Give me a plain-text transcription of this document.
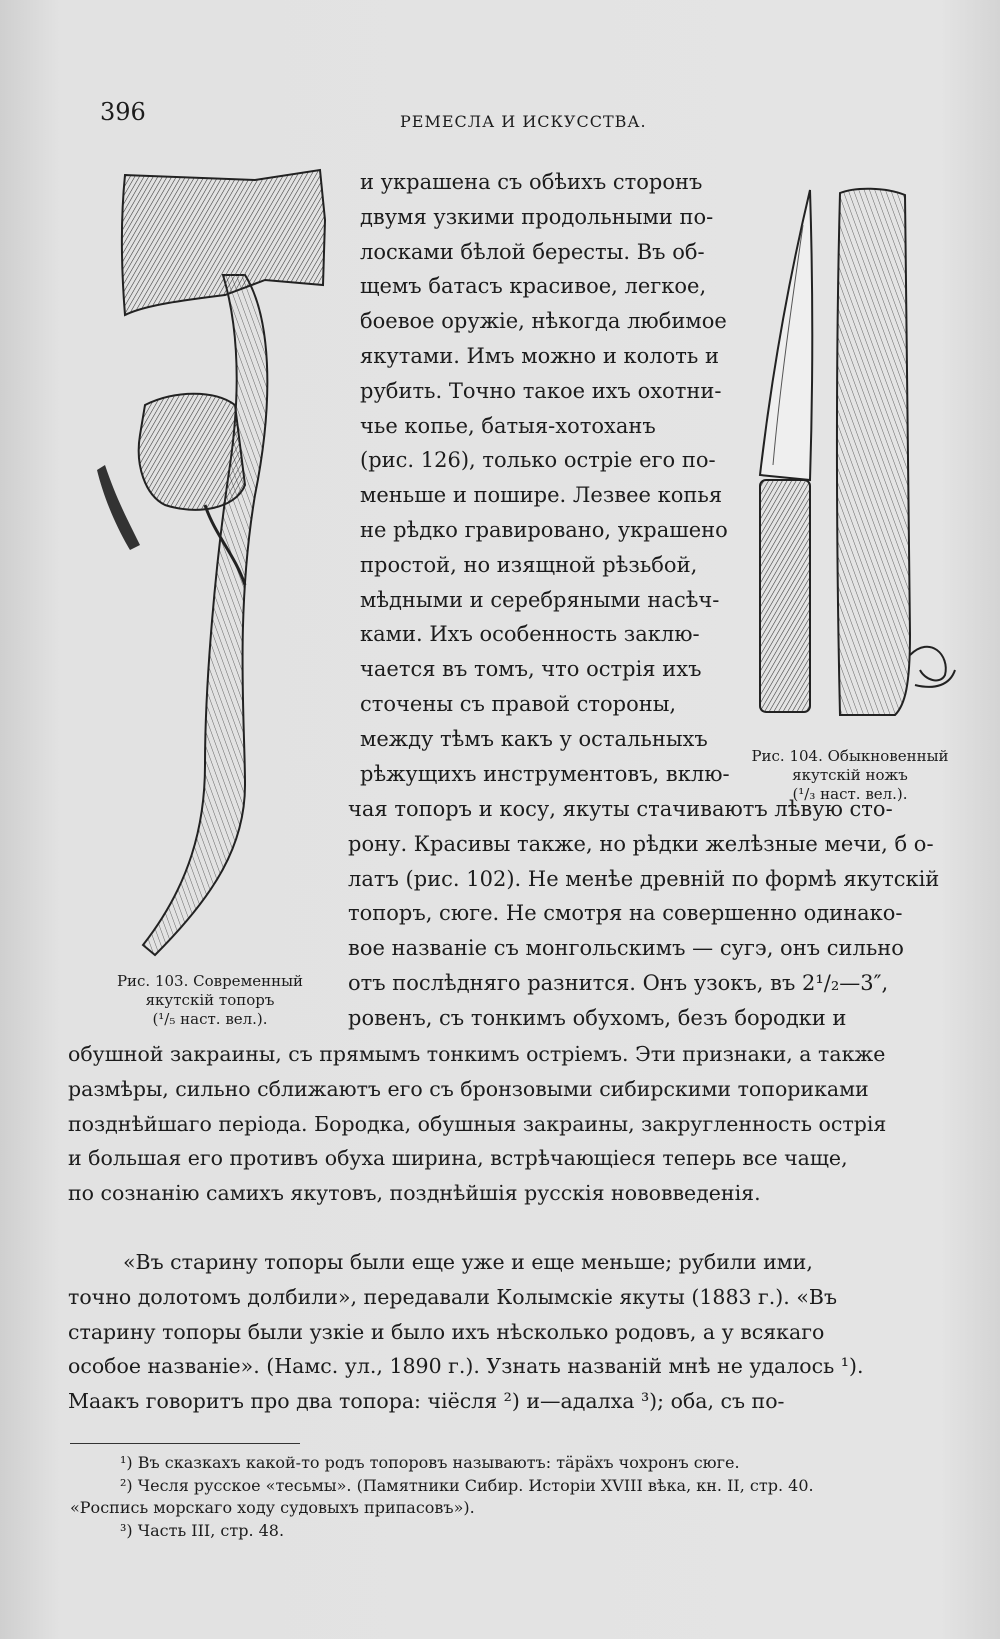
396	РЕМЕСЛА И ИСКУССТВА.
Рис. 103. Современный
якутскій топоръ
(¹/₅ наст. вел.).
Рис. 104. Обыкновенный
якутскій ножъ
(¹/₃ наст. вел.).
и украшена съ обѣихъ сторонъ
двумя узкими продольными по-
лосками бѣлой бересты. Въ об-
щемъ батасъ красивое, легкое,
боевое оружіе, нѣкогда любимое
якутами. Имъ можно и колоть и
рубить. Точно такое ихъ охотни-
чье копье, батыя-хотоханъ
(рис. 126), только остріе его по-
меньше и пошире. Лезвее копья
не рѣдко гравировано, украшено
простой, но изящной рѣзьбой,
мѣдными и серебряными насѣч-
ками. Ихъ особенность заклю-
чается въ томъ, что острія ихъ
сточены съ правой стороны,
между тѣмъ какъ у остальныхъ
рѣжущихъ инструментовъ, вклю-
чая топоръ и косу, якуты стачиваютъ лѣвую сто-
рону. Красивы также, но рѣдки желѣзные мечи, б о-
латъ (рис. 102). Не менѣе древній по формѣ якутскій
топоръ, сюге. Не смотря на совершенно одинако-
вое названіе съ монгольскимъ — сугэ, онъ сильно
отъ послѣдняго разнится. Онъ узокъ, въ 2¹/₂—3″,
ровенъ, съ тонкимъ обухомъ, безъ бородки и
обушной закраины, съ прямымъ тонкимъ остріемъ. Эти признаки, а также
размѣры, сильно сближаютъ его съ бронзовыми сибирскими топориками
позднѣйшаго періода. Бородка, обушныя закраины, закругленность острія
и большая его противъ обуха ширина, встрѣчающіеся теперь все чаще,
по сознанію самихъ якутовъ, позднѣйшія русскія нововведенія.
«Въ старину топоры были еще уже и еще меньше; рубили ими,
точно долотомъ долбили», передавали Колымскіе якуты (1883 г.). «Въ
старину топоры были узкіе и было ихъ нѣсколько родовъ, а у всякаго
особое названіе». (Намс. ул., 1890 г.). Узнать названій мнѣ не удалось ¹).
Маакъ говоритъ про два топора: чіёсля ²) и—адалха ³); оба, съ по-
¹) Въ сказкахъ какой-то родъ топоровъ называютъ: тäрäхъ чохронъ сюге.
²) Чесля русское «тесьмы». (Памятники Сибир. Исторіи XVIII вѣка, кн. II, стр. 40.
«Роспись морскаго ходу судовыхъ припасовъ»).
³) Часть III, стр. 48.
